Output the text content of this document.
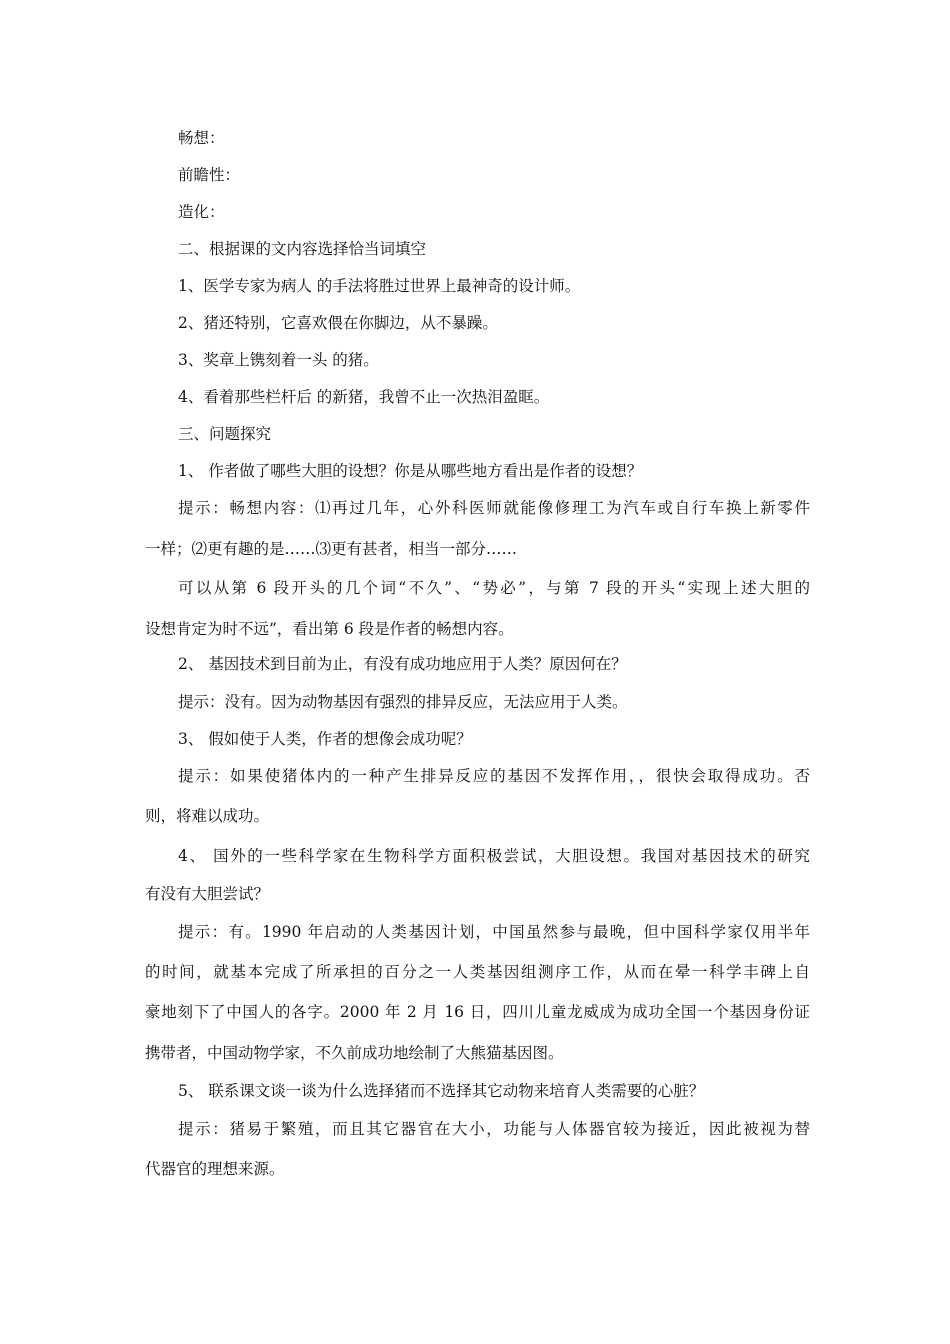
畅想：
前瞻性：
造化：
二、根据课的文内容选择恰当词填空
1、医学专家为病人 的手法将胜过世界上最神奇的设计师。
2、猪还特别，它喜欢偎在你脚边，从不暴躁。
3、奖章上镌刻着一头 的猪。
4、看着那些栏杆后 的新猪，我曾不止一次热泪盈眶。
三、问题探究
1、 作者做了哪些大胆的设想？你是从哪些地方看出是作者的设想？
提示：畅想内容：⑴再过几年，心外科医师就能像修理工为汽车或自行车换上新零件
一样；⑵更有趣的是……⑶更有甚者，相当一部分……
可以从第 6 段开头的几个词“不久”、“势必”，与第 7 段的开头“实现上述大胆的
设想肯定为时不远”，看出第 6 段是作者的畅想内容。
2、 基因技术到目前为止，有没有成功地应用于人类？原因何在？
提示：没有。因为动物基因有强烈的排异反应，无法应用于人类。
3、 假如使于人类，作者的想像会成功呢？
提示：如果使猪体内的一种产生排异反应的基因不发挥作用，，很快会取得成功。否
则，将难以成功。
4、 国外的一些科学家在生物科学方面积极尝试，大胆设想。我国对基因技术的研究
有没有大胆尝试？
提示：有。1990 年启动的人类基因计划，中国虽然参与最晚，但中国科学家仅用半年
的时间，就基本完成了所承担的百分之一人类基因组测序工作，从而在晕一科学丰碑上自
豪地刻下了中国人的各字。2000 年 2 月 16 日，四川儿童龙威成为成功全国一个基因身份证
携带者，中国动物学家，不久前成功地绘制了大熊猫基因图。
5、 联系课文谈一谈为什么选择猪而不选择其它动物来培育人类需要的心脏？
提示：猪易于繁殖，而且其它器官在大小，功能与人体器官较为接近，因此被视为替
代器官的理想来源。
